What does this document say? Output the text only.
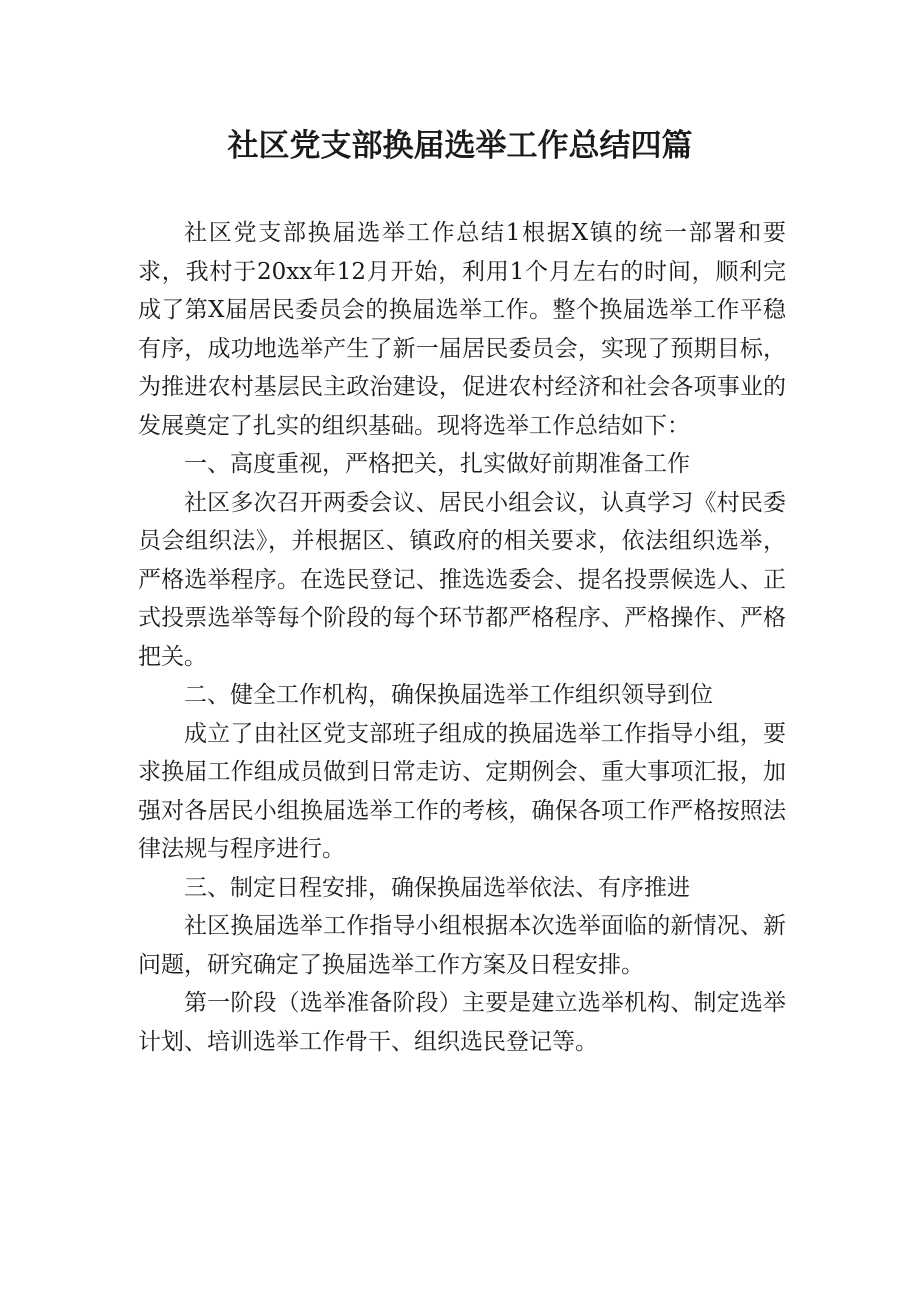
社区党支部换届选举工作总结四篇

社区党支部换届选举工作总结1根据X镇的统一部署和要求，我村于20xx年12月开始，利用1个月左右的时间，顺利完成了第X届居民委员会的换届选举工作。整个换届选举工作平稳有序，成功地选举产生了新一届居民委员会，实现了预期目标，为推进农村基层民主政治建设，促进农村经济和社会各项事业的发展奠定了扎实的组织基础。现将选举工作总结如下：

一、高度重视，严格把关，扎实做好前期准备工作

社区多次召开两委会议、居民小组会议，认真学习《村民委员会组织法》，并根据区、镇政府的相关要求，依法组织选举，严格选举程序。在选民登记、推选选委会、提名投票候选人、正式投票选举等每个阶段的每个环节都严格程序、严格操作、严格把关。

二、健全工作机构，确保换届选举工作组织领导到位

成立了由社区党支部班子组成的换届选举工作指导小组，要求换届工作组成员做到日常走访、定期例会、重大事项汇报，加强对各居民小组换届选举工作的考核，确保各项工作严格按照法律法规与程序进行。

三、制定日程安排，确保换届选举依法、有序推进

社区换届选举工作指导小组根据本次选举面临的新情况、新问题，研究确定了换届选举工作方案及日程安排。

第一阶段（选举准备阶段）主要是建立选举机构、制定选举计划、培训选举工作骨干、组织选民登记等。
